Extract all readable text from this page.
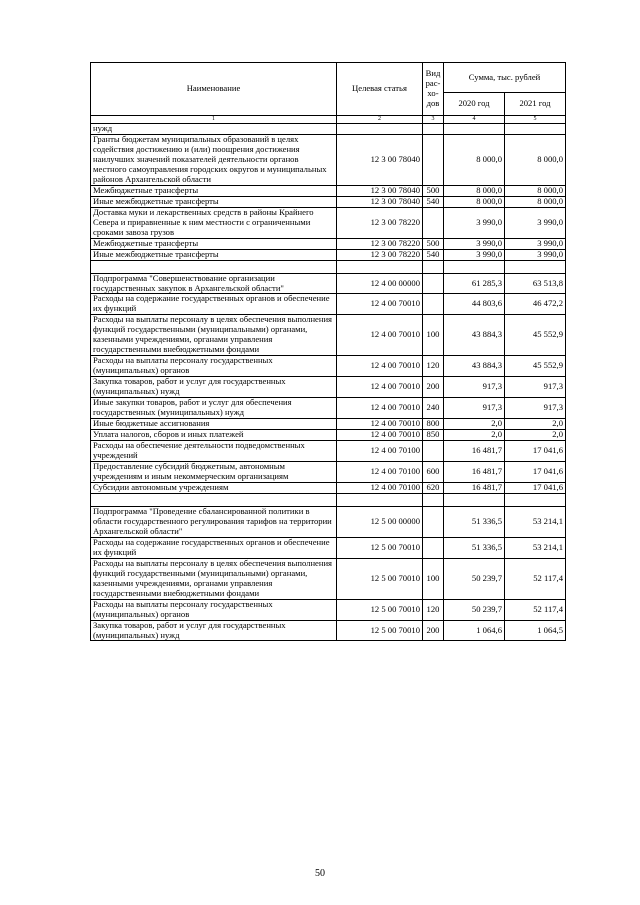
Наименование	Целевая статья	Вид рас-хо-дов	Сумма, тыс. рублей	
			2020 год	2021 год
1	2	3	4	5
нужд				
Гранты бюджетам муниципальных образований в целях содействия достижению и (или) поощрения достижения наилучших значений показателей деятельности органов местного самоуправления городских округов и муниципальных районов Архангельской области	12 3 00 78040		8 000,0	8 000,0
Межбюджетные трансферты	12 3 00 78040	500	8 000,0	8 000,0
Иные межбюджетные трансферты	12 3 00 78040	540	8 000,0	8 000,0
Доставка муки и лекарственных средств в районы Крайнего Севера и приравненные к ним местности с ограниченными сроками завоза грузов	12 3 00 78220		3 990,0	3 990,0
Межбюджетные трансферты	12 3 00 78220	500	3 990,0	3 990,0
Иные межбюджетные трансферты	12 3 00 78220	540	3 990,0	3 990,0

Подпрограмма "Совершенствование организации государственных закупок в Архангельской области"	12 4 00 00000		61 285,3	63 513,8
Расходы на содержание государственных органов и обеспечение их функций	12 4 00 70010		44 803,6	46 472,2
Расходы на выплаты персоналу в целях обеспечения выполнения функций государственными (муниципальными) органами, казенными учреждениями, органами управления государственными внебюджетными фондами	12 4 00 70010	100	43 884,3	45 552,9
Расходы на выплаты персоналу государственных (муниципальных) органов	12 4 00 70010	120	43 884,3	45 552,9
Закупка товаров, работ и услуг для государственных (муниципальных) нужд	12 4 00 70010	200	917,3	917,3
Иные закупки товаров, работ и услуг для обеспечения государственных (муниципальных) нужд	12 4 00 70010	240	917,3	917,3
Иные бюджетные ассигнования	12 4 00 70010	800	2,0	2,0
Уплата налогов, сборов и иных платежей	12 4 00 70010	850	2,0	2,0
Расходы на обеспечение деятельности подведомственных учреждений	12 4 00 70100		16 481,7	17 041,6
Предоставление субсидий бюджетным, автономным учреждениям и иным некоммерческим организациям	12 4 00 70100	600	16 481,7	17 041,6
Субсидии автономным учреждениям	12 4 00 70100	620	16 481,7	17 041,6

Подпрограмма "Проведение сбалансированной политики в области государственного регулирования тарифов на территории Архангельской области"	12 5 00 00000		51 336,5	53 214,1
Расходы на содержание государственных органов и обеспечение их функций	12 5 00 70010		51 336,5	53 214,1
Расходы на выплаты персоналу в целях обеспечения выполнения функций государственными (муниципальными) органами, казенными учреждениями, органами управления государственными внебюджетными фондами	12 5 00 70010	100	50 239,7	52 117,4
Расходы на выплаты персоналу государственных (муниципальных) органов	12 5 00 70010	120	50 239,7	52 117,4
Закупка товаров, работ и услуг для государственных (муниципальных) нужд	12 5 00 70010	200	1 064,6	1 064,5
50
